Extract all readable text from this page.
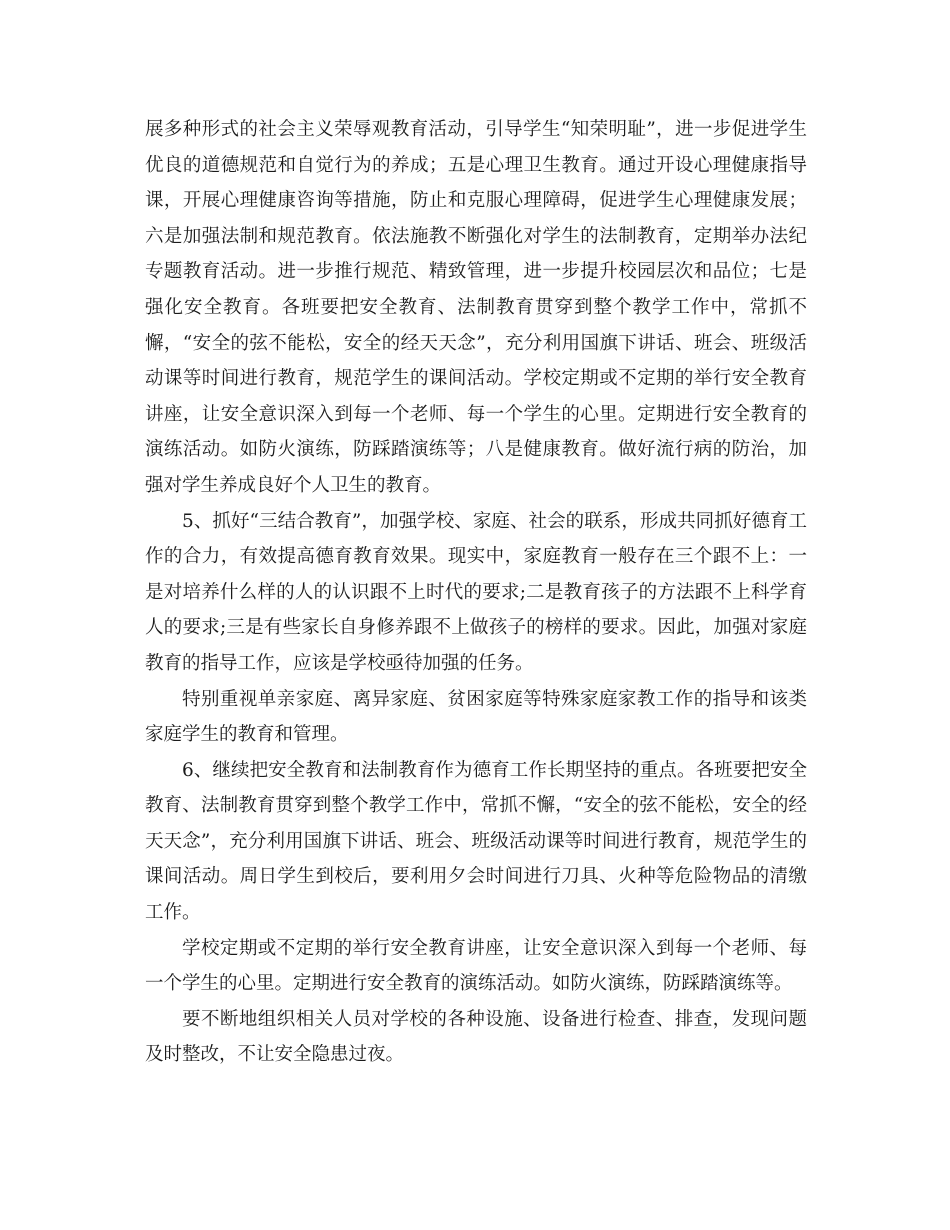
展多种形式的社会主义荣辱观教育活动，引导学生“知荣明耻”，进一步促进学生优良的道德规范和自觉行为的养成；五是心理卫生教育。通过开设心理健康指导课，开展心理健康咨询等措施，防止和克服心理障碍，促进学生心理健康发展；六是加强法制和规范教育。依法施教不断强化对学生的法制教育，定期举办法纪专题教育活动。进一步推行规范、精致管理，进一步提升校园层次和品位；七是强化安全教育。各班要把安全教育、法制教育贯穿到整个教学工作中，常抓不懈，“安全的弦不能松，安全的经天天念”，充分利用国旗下讲话、班会、班级活动课等时间进行教育，规范学生的课间活动。学校定期或不定期的举行安全教育讲座，让安全意识深入到每一个老师、每一个学生的心里。定期进行安全教育的演练活动。如防火演练，防踩踏演练等；八是健康教育。做好流行病的防治，加强对学生养成良好个人卫生的教育。

5、抓好“三结合教育”，加强学校、家庭、社会的联系，形成共同抓好德育工作的合力，有效提高德育教育效果。现实中，家庭教育一般存在三个跟不上：一是对培养什么样的人的认识跟不上时代的要求;二是教育孩子的方法跟不上科学育人的要求;三是有些家长自身修养跟不上做孩子的榜样的要求。因此，加强对家庭教育的指导工作，应该是学校亟待加强的任务。

特别重视单亲家庭、离异家庭、贫困家庭等特殊家庭家教工作的指导和该类家庭学生的教育和管理。

6、继续把安全教育和法制教育作为德育工作长期坚持的重点。各班要把安全教育、法制教育贯穿到整个教学工作中，常抓不懈，“安全的弦不能松，安全的经天天念”，充分利用国旗下讲话、班会、班级活动课等时间进行教育，规范学生的课间活动。周日学生到校后，要利用夕会时间进行刀具、火种等危险物品的清缴工作。

学校定期或不定期的举行安全教育讲座，让安全意识深入到每一个老师、每一个学生的心里。定期进行安全教育的演练活动。如防火演练，防踩踏演练等。

要不断地组织相关人员对学校的各种设施、设备进行检查、排查，发现问题及时整改，不让安全隐患过夜。
